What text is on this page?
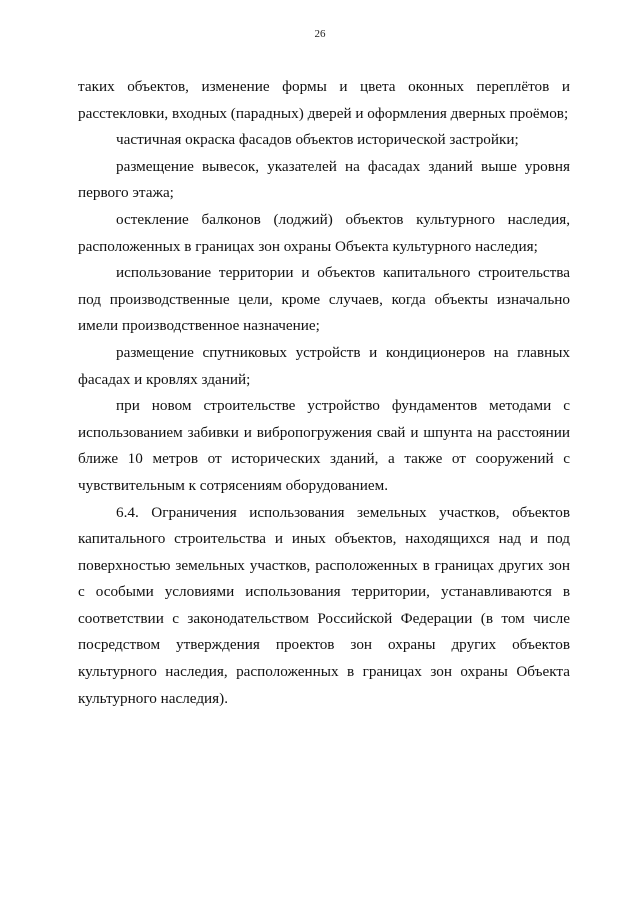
26

таких объектов, изменение формы и цвета оконных переплётов и расстекловки, входных (парадных) дверей и оформления дверных проёмов;

частичная окраска фасадов объектов исторической застройки;

размещение вывесок, указателей на фасадах зданий выше уровня первого этажа;

остекление балконов (лоджий) объектов культурного наследия, расположенных в границах зон охраны Объекта культурного наследия;

использование территории и объектов капитального строительства под производственные цели, кроме случаев, когда объекты изначально имели производственное назначение;

размещение спутниковых устройств и кондиционеров на главных фасадах и кровлях зданий;

при новом строительстве устройство фундаментов методами с использованием забивки и вибропогружения свай и шпунта на расстоянии ближе 10 метров от исторических зданий, а также от сооружений с чувствительным к сотрясениям оборудованием.

6.4. Ограничения использования земельных участков, объектов капитального строительства и иных объектов, находящихся над и под поверхностью земельных участков, расположенных в границах других зон с особыми условиями использования территории, устанавливаются в соответствии с законодательством Российской Федерации (в том числе посредством утверждения проектов зон охраны других объектов культурного наследия, расположенных в границах зон охраны Объекта культурного наследия).
